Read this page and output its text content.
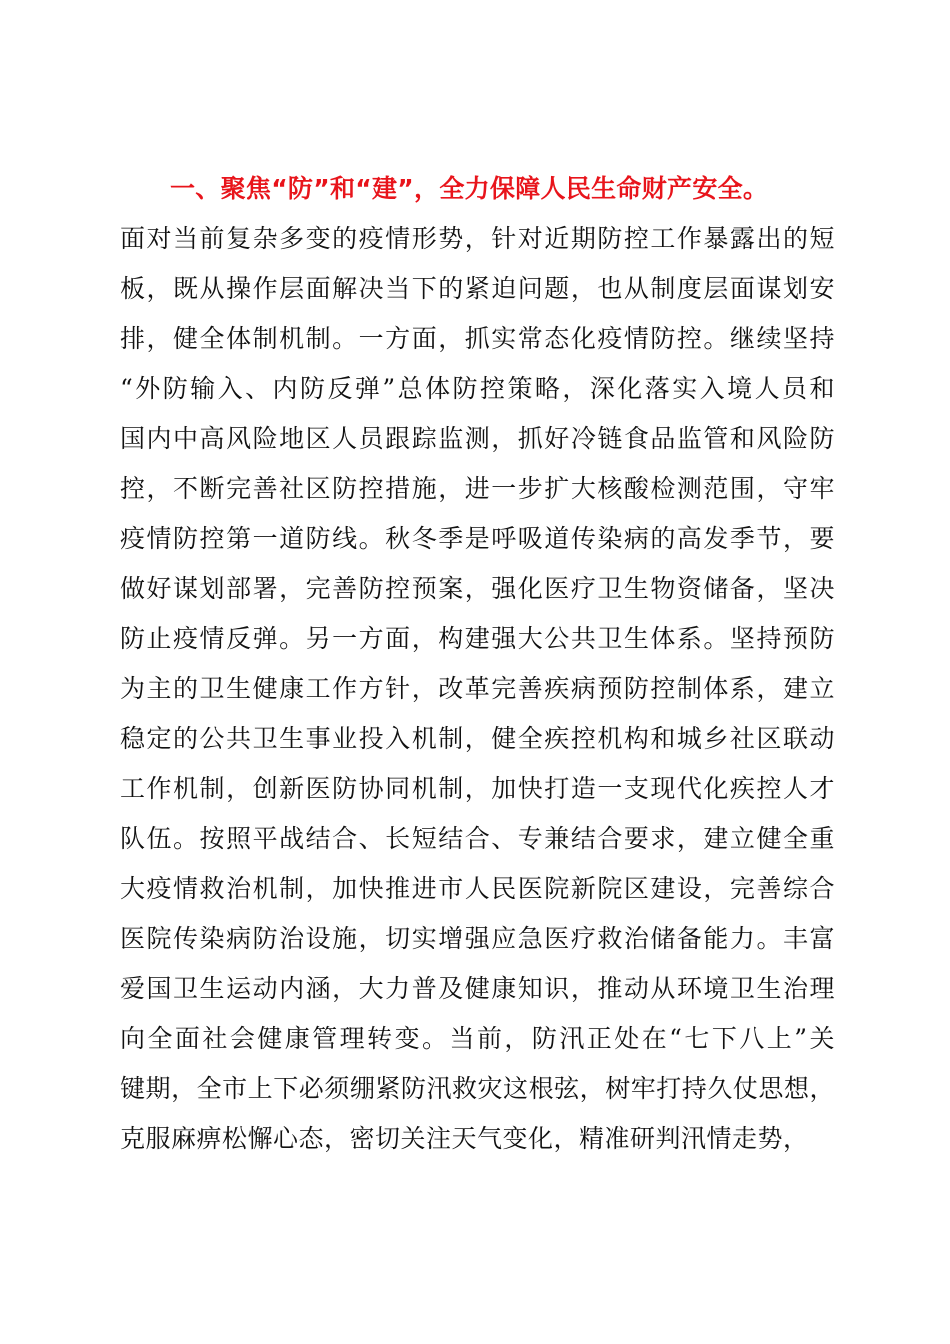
一、聚焦“防”和“建”，全力保障人民生命财产安全。
面对当前复杂多变的疫情形势，针对近期防控工作暴露出的短
板，既从操作层面解决当下的紧迫问题，也从制度层面谋划安
排，健全体制机制。一方面，抓实常态化疫情防控。继续坚持
“外防输入、内防反弹”总体防控策略，深化落实入境人员和
国内中高风险地区人员跟踪监测，抓好冷链食品监管和风险防
控，不断完善社区防控措施，进一步扩大核酸检测范围，守牢
疫情防控第一道防线。秋冬季是呼吸道传染病的高发季节，要
做好谋划部署，完善防控预案，强化医疗卫生物资储备，坚决
防止疫情反弹。另一方面，构建强大公共卫生体系。坚持预防
为主的卫生健康工作方针，改革完善疾病预防控制体系，建立
稳定的公共卫生事业投入机制，健全疾控机构和城乡社区联动
工作机制，创新医防协同机制，加快打造一支现代化疾控人才
队伍。按照平战结合、长短结合、专兼结合要求，建立健全重
大疫情救治机制，加快推进市人民医院新院区建设，完善综合
医院传染病防治设施，切实增强应急医疗救治储备能力。丰富
爱国卫生运动内涵，大力普及健康知识，推动从环境卫生治理
向全面社会健康管理转变。当前，防汛正处在“七下八上”关
键期，全市上下必须绷紧防汛救灾这根弦，树牢打持久仗思想，
克服麻痹松懈心态，密切关注天气变化，精准研判汛情走势，
